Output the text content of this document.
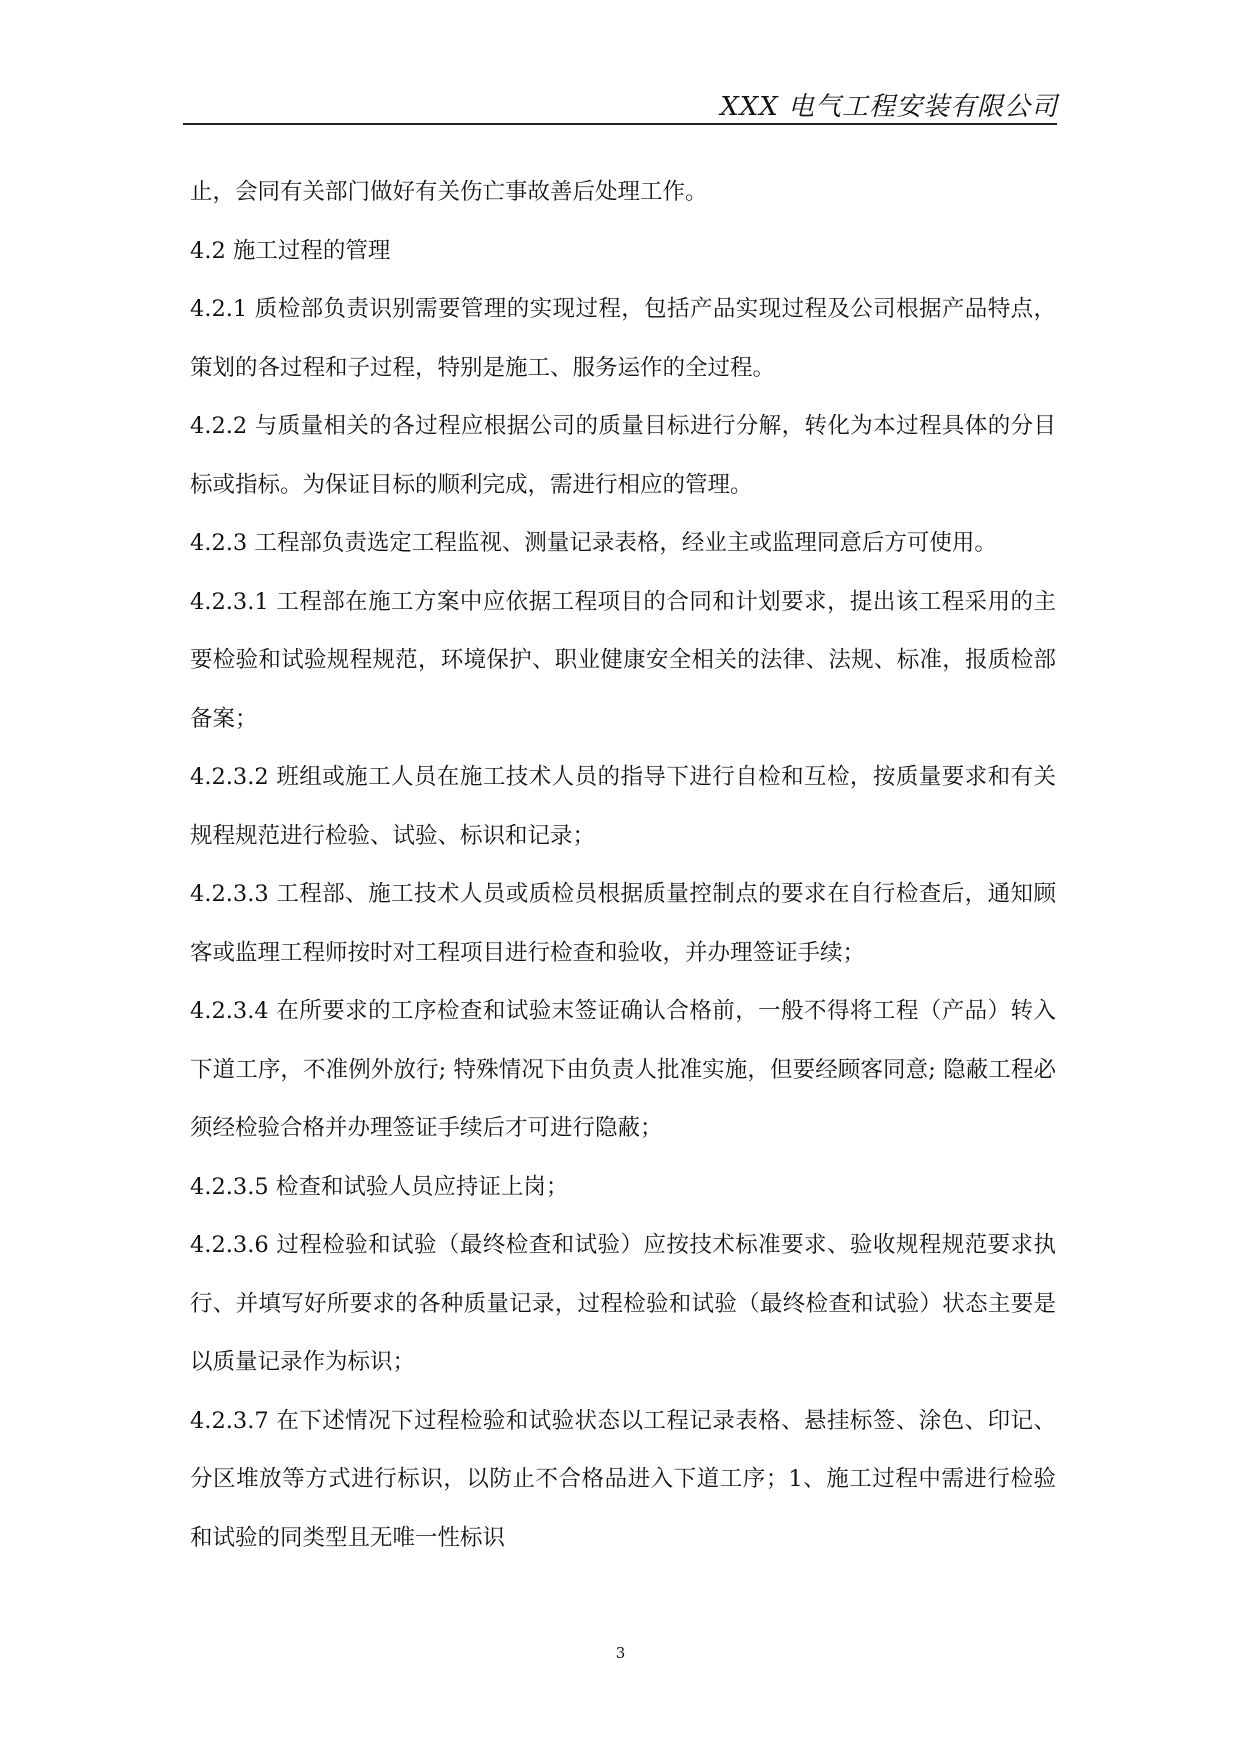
XXX 电气工程安装有限公司

止，会同有关部门做好有关伤亡事故善后处理工作。

4.2 施工过程的管理

4.2.1 质检部负责识别需要管理的实现过程，包括产品实现过程及公司根据产品特点，策划的各过程和子过程，特别是施工、服务运作的全过程。

4.2.2 与质量相关的各过程应根据公司的质量目标进行分解，转化为本过程具体的分目标或指标。为保证目标的顺利完成，需进行相应的管理。

4.2.3 工程部负责选定工程监视、测量记录表格，经业主或监理同意后方可使用。

4.2.3.1 工程部在施工方案中应依据工程项目的合同和计划要求，提出该工程采用的主要检验和试验规程规范，环境保护、职业健康安全相关的法律、法规、标准，报质检部备案；

4.2.3.2 班组或施工人员在施工技术人员的指导下进行自检和互检，按质量要求和有关规程规范进行检验、试验、标识和记录；

4.2.3.3 工程部、施工技术人员或质检员根据质量控制点的要求在自行检查后，通知顾客或监理工程师按时对工程项目进行检查和验收，并办理签证手续；

4.2.3.4 在所要求的工序检查和试验末签证确认合格前，一般不得将工程（产品）转入下道工序，不准例外放行; 特殊情况下由负责人批准实施，但要经顾客同意; 隐蔽工程必须经检验合格并办理签证手续后才可进行隐蔽；

4.2.3.5 检查和试验人员应持证上岗；

4.2.3.6 过程检验和试验（最终检查和试验）应按技术标准要求、验收规程规范要求执行、并填写好所要求的各种质量记录，过程检验和试验（最终检查和试验）状态主要是以质量记录作为标识；

4.2.3.7 在下述情况下过程检验和试验状态以工程记录表格、悬挂标签、涂色、印记、分区堆放等方式进行标识，以防止不合格品进入下道工序；1、施工过程中需进行检验和试验的同类型且无唯一性标识

3
